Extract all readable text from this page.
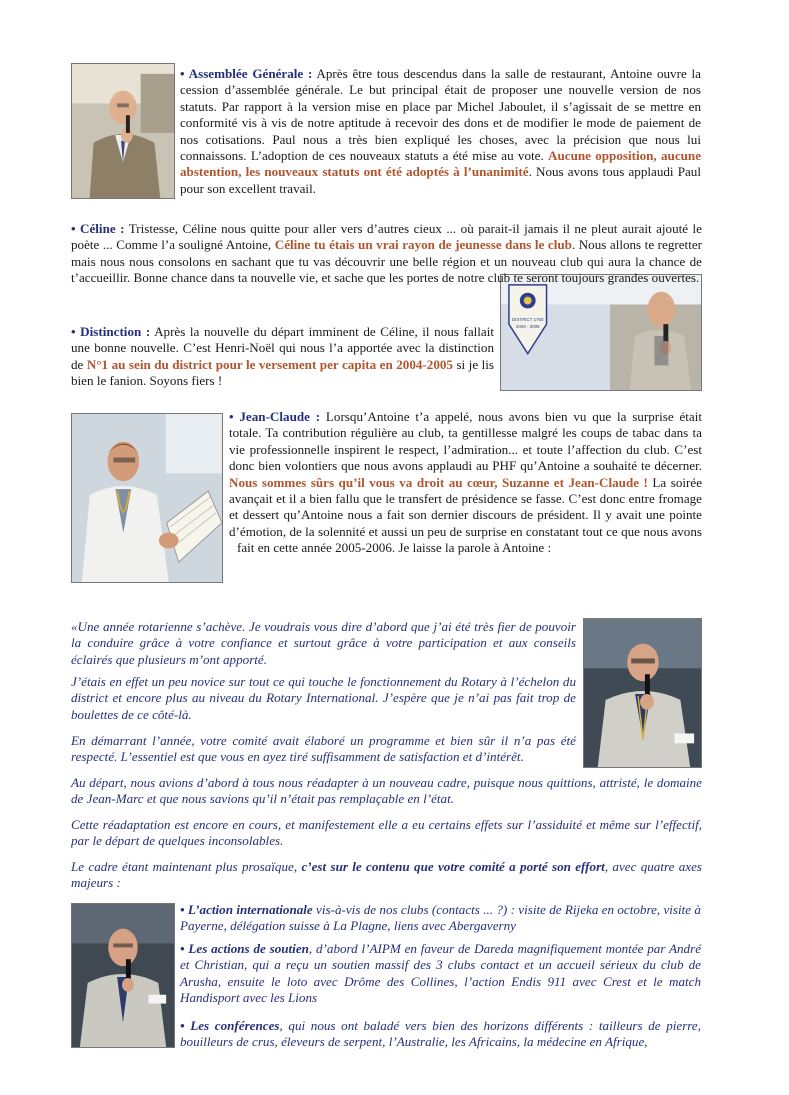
• Assemblée Générale : Après être tous descendus dans la salle de restaurant, Antoine ouvre la cession d’assemblée générale. Le but principal était de proposer une nouvelle version de nos statuts. Par rapport à la version mise en place par Michel Jaboulet, il s’agissait de se mettre en conformité vis à vis de notre aptitude à recevoir des dons et de modifier le mode de paiement de nos cotisations. Paul nous a très bien expliqué les choses, avec la précision que nous lui connaissons. L’adoption de ces nouveaux statuts a été mise au vote. Aucune opposition, aucune abstention, les nouveaux statuts ont été adoptés à l’unanimité. Nous avons tous applaudi Paul pour son excellent travail.
DISTRICT 1760
2004 - 2005
• Céline : Tristesse, Céline nous quitte pour aller vers d’autres cieux ... où parait-il jamais il ne pleut aurait ajouté le poète ... Comme l’a souligné Antoine, Céline tu étais un vrai rayon de jeunesse dans le club. Nous allons te regretter mais nous nous consolons en sachant que tu vas découvrir une belle région et un nouveau club qui aura la chance de t’accueillir. Bonne chance dans ta nouvelle vie, et sache que les portes de notre club te seront toujours grandes ouvertes.
• Distinction : Après la nouvelle du départ imminent de Céline, il nous fallait une bonne nouvelle. C’est Henri-Noël qui nous l’a apportée avec la distinction de N°1 au sein du district pour le versement per capita en 2004-2005 si je lis bien le fanion. Soyons fiers !
• Jean-Claude : Lorsqu’Antoine t’a appelé, nous avons bien vu que la surprise était totale. Ta contribution régulière au club, ta gentillesse malgré les coups de tabac dans ta vie professionnelle inspirent le respect, l’admiration... et toute l’affection du club. C’est donc bien volontiers que nous avons applaudi au PHF qu’Antoine a souhaité te décerner. Nous sommes sûrs qu’il vous va droit au cœur, Suzanne et Jean-Claude ! La soirée avançait et il a bien fallu que le transfert de présidence se fasse. C’est donc entre fromage et dessert qu’Antoine nous a fait son dernier discours de président. Il y avait une pointe d’émotion, de la solennité et aussi un peu de surprise en constatant tout ce que nous avons fait en cette année 2005-2006. Je laisse la parole à Antoine :

«Une année rotarienne s’achève. Je voudrais vous dire d’abord que j’ai été très fier de pouvoir la conduire grâce à votre confiance et surtout grâce à votre participation et aux conseils éclairés que plusieurs m’ont apporté.

J’étais en effet un peu novice sur tout ce qui touche le fonctionnement du Rotary à l’échelon du district et encore plus au niveau du Rotary International. J’espère que je n’ai pas fait trop de boulettes de ce côté-là.

En démarrant l’année, votre comité avait élaboré un programme et bien sûr il n’a pas été respecté. L’essentiel est que vous en ayez tiré suffisamment de satisfaction et d’intérêt.

Au départ, nous avions d’abord à tous nous réadapter à un nouveau cadre, puisque nous quittions, attristé, le domaine de Jean-Marc et que nous savions qu’il n’était pas remplaçable en l’état.

Cette réadaptation est encore en cours, et manifestement elle a eu certains effets sur l’assiduité et même sur l’effectif, par le départ de quelques inconsolables.

Le cadre étant maintenant plus prosaïque, c’est sur le contenu que votre comité a porté son effort, avec quatre axes majeurs :

• L’action internationale vis-à-vis de nos clubs (contacts ... ?) : visite de Rijeka en octobre, visite à Payerne, délégation suisse à La Plagne, liens avec Abergaverny

• Les actions de soutien, d’abord l’AIPM en faveur de Dareda magnifiquement montée par André et Christian, qui a reçu un soutien massif des 3 clubs contact et un accueil sérieux du club de Arusha, ensuite le loto avec Drôme des Collines, l’action Endis 911 avec Crest et le match Handisport avec les Lions

• Les conférences, qui nous ont baladé vers bien des horizons différents : tailleurs de pierre, bouilleurs de crus, éleveurs de serpent, l’Australie, les Africains, la médecine en Afrique,
